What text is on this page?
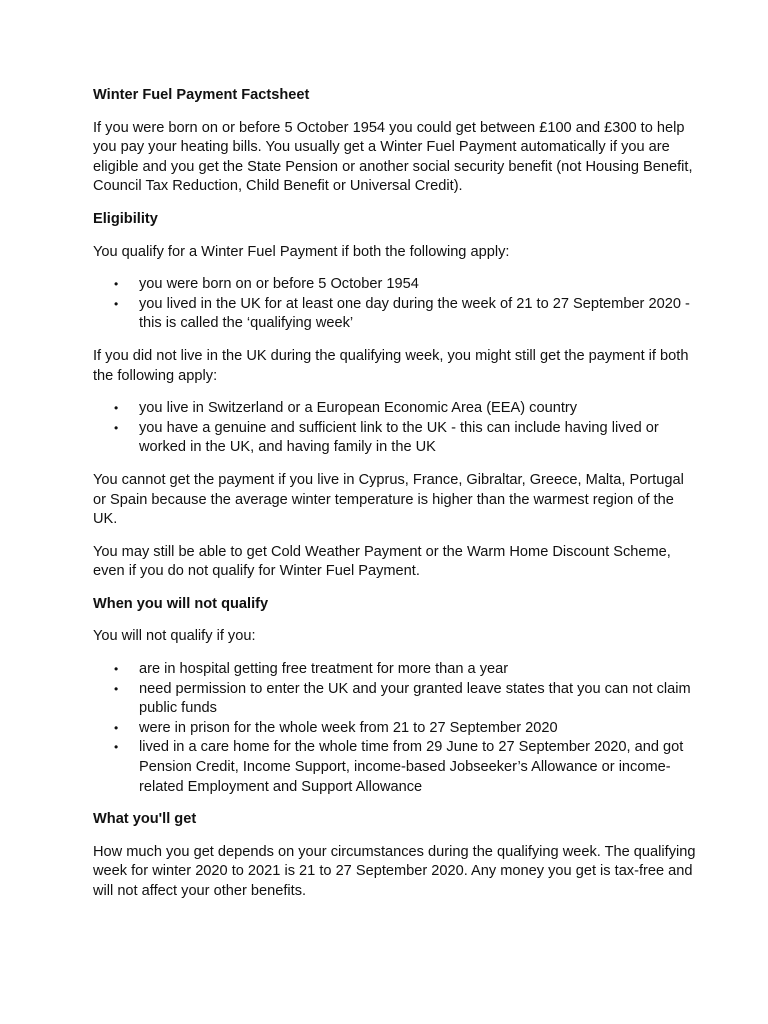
Winter Fuel Payment Factsheet

If you were born on or before 5 October 1954 you could get between £100 and £300 to help you pay your heating bills. You usually get a Winter Fuel Payment automatically if you are eligible and you get the State Pension or another social security benefit (not Housing Benefit, Council Tax Reduction, Child Benefit or Universal Credit).

Eligibility

You qualify for a Winter Fuel Payment if both the following apply:

• you were born on or before 5 October 1954
• you lived in the UK for at least one day during the week of 21 to 27 September 2020 - this is called the ‘qualifying week’

If you did not live in the UK during the qualifying week, you might still get the payment if both the following apply:

• you live in Switzerland or a European Economic Area (EEA) country
• you have a genuine and sufficient link to the UK - this can include having lived or worked in the UK, and having family in the UK

You cannot get the payment if you live in Cyprus, France, Gibraltar, Greece, Malta, Portugal or Spain because the average winter temperature is higher than the warmest region of the UK.

You may still be able to get Cold Weather Payment or the Warm Home Discount Scheme, even if you do not qualify for Winter Fuel Payment.

When you will not qualify

You will not qualify if you:

• are in hospital getting free treatment for more than a year
• need permission to enter the UK and your granted leave states that you can not claim public funds
• were in prison for the whole week from 21 to 27 September 2020
• lived in a care home for the whole time from 29 June to 27 September 2020, and got Pension Credit, Income Support, income-based Jobseeker’s Allowance or income-related Employment and Support Allowance
What you'll get

How much you get depends on your circumstances during the qualifying week. The qualifying week for winter 2020 to 2021 is 21 to 27 September 2020. Any money you get is tax-free and will not affect your other benefits.
